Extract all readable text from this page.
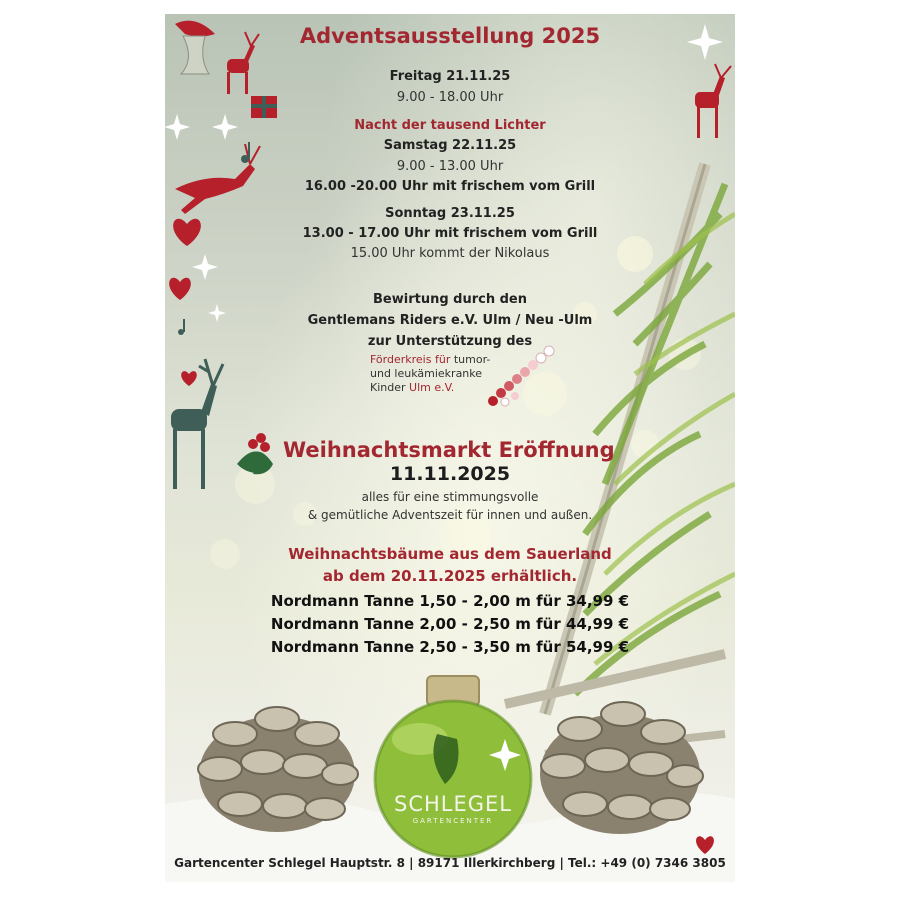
Adventsausstellung 2025
Freitag 21.11.25
9.00 - 18.00 Uhr
Nacht der tausend Lichter
Samstag 22.11.25
9.00 - 13.00 Uhr
16.00 -20.00 Uhr mit frischem vom Grill
Sonntag 23.11.25
13.00 - 17.00 Uhr mit frischem vom Grill
15.00 Uhr kommt der Nikolaus
Bewirtung durch den
Gentlemans Riders e.V. Ulm / Neu -Ulm
zur Unterstützung des
Förderkreis für tumor-
und leukämiekranke
Kinder Ulm e.V.
Weihnachtsmarkt Eröffnung
11.11.2025
alles für eine stimmungsvolle
& gemütliche Adventszeit für innen und außen.
Weihnachtsbäume aus dem Sauerland
ab dem 20.11.2025 erhältlich.
Nordmann Tanne 1,50 - 2,00 m für 34,99 €
Nordmann Tanne 2,00 - 2,50 m für 44,99 €
Nordmann Tanne 2,50 - 3,50 m für 54,99 €
SCHLEGEL
GARTENCENTER
Gartencenter Schlegel Hauptstr. 8 | 89171 Illerkirchberg | Tel.: +49 (0) 7346 3805
